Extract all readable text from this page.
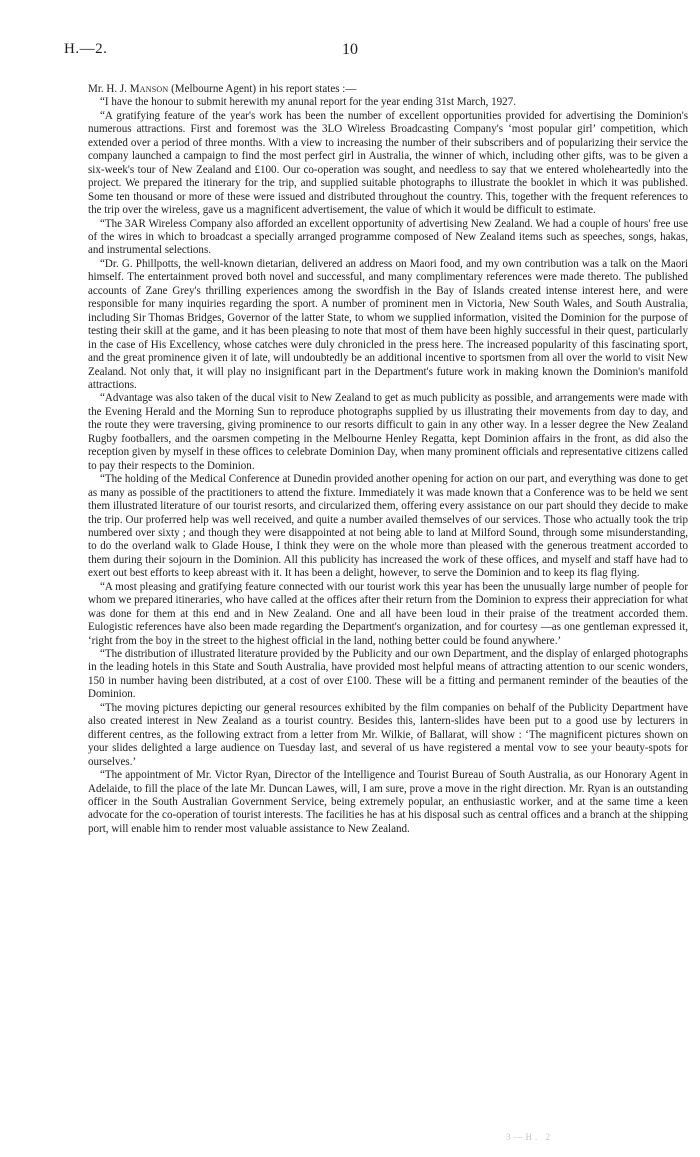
H.—2.	10

Mr. H. J. Manson (Melbourne Agent) in his report states :—

“I have the honour to submit herewith my anunal report for the year ending 31st March, 1927.

“A gratifying feature of the year's work has been the number of excellent opportunities provided for advertising the Dominion's numerous attractions. First and foremost was the 3LO Wireless Broadcasting Company's ‘most popular girl’ competition, which extended over a period of three months. With a view to increasing the number of their subscribers and of popularizing their service the company launched a campaign to find the most perfect girl in Australia, the winner of which, including other gifts, was to be given a six-week's tour of New Zealand and £100. Our co-operation was sought, and needless to say that we entered wholeheartedly into the project. We prepared the itinerary for the trip, and supplied suitable photographs to illustrate the booklet in which it was published. Some ten thousand or more of these were issued and distributed throughout the country. This, together with the frequent references to the trip over the wireless, gave us a magnificent advertisement, the value of which it would be difficult to estimate.

“The 3AR Wireless Company also afforded an excellent opportunity of advertising New Zealand. We had a couple of hours' free use of the wires in which to broadcast a specially arranged programme composed of New Zealand items such as speeches, songs, hakas, and instrumental selections.

“Dr. G. Phillpotts, the well-known dietarian, delivered an address on Maori food, and my own contribution was a talk on the Maori himself. The entertainment proved both novel and successful, and many complimentary references were made thereto. The published accounts of Zane Grey's thrilling experiences among the swordfish in the Bay of Islands created intense interest here, and were responsible for many inquiries regarding the sport. A number of prominent men in Victoria, New South Wales, and South Australia, including Sir Thomas Bridges, Governor of the latter State, to whom we supplied information, visited the Dominion for the purpose of testing their skill at the game, and it has been pleasing to note that most of them have been highly successful in their quest, particularly in the case of His Excellency, whose catches were duly chronicled in the press here. The increased popularity of this fascinating sport, and the great prominence given it of late, will undoubtedly be an additional incentive to sportsmen from all over the world to visit New Zealand. Not only that, it will play no insignificant part in the Department's future work in making known the Dominion's manifold attractions.

“Advantage was also taken of the ducal visit to New Zealand to get as much publicity as possible, and arrangements were made with the Evening Herald and the Morning Sun to reproduce photographs supplied by us illustrating their movements from day to day, and the route they were traversing, giving prominence to our resorts difficult to gain in any other way. In a lesser degree the New Zealand Rugby footballers, and the oarsmen competing in the Melbourne Henley Regatta, kept Dominion affairs in the front, as did also the reception given by myself in these offices to celebrate Dominion Day, when many prominent officials and representative citizens called to pay their respects to the Dominion.

“The holding of the Medical Conference at Dunedin provided another opening for action on our part, and everything was done to get as many as possible of the practitioners to attend the fixture. Immediately it was made known that a Conference was to be held we sent them illustrated literature of our tourist resorts, and circularized them, offering every assistance on our part should they decide to make the trip. Our proferred help was well received, and quite a number availed themselves of our services. Those who actually took the trip numbered over sixty ; and though they were disappointed at not being able to land at Milford Sound, through some misunderstanding, to do the overland walk to Glade House, I think they were on the whole more than pleased with the generous treatment accorded to them during their sojourn in the Dominion. All this publicity has increased the work of these offices, and myself and staff have had to exert out best efforts to keep abreast with it. It has been a delight, however, to serve the Dominion and to keep its flag flying.

“A most pleasing and gratifying feature connected with our tourist work this year has been the unusually large number of people for whom we prepared itineraries, who have called at the offices after their return from the Dominion to express their appreciation for what was done for them at this end and in New Zealand. One and all have been loud in their praise of the treatment accorded them. Eulogistic references have also been made regarding the Department's organization, and for courtesy —as one gentleman expressed it, ‘right from the boy in the street to the highest official in the land, nothing better could be found anywhere.’

“The distribution of illustrated literature provided by the Publicity and our own Department, and the display of enlarged photographs in the leading hotels in this State and South Australia, have provided most helpful means of attracting attention to our scenic wonders, 150 in number having been distributed, at a cost of over £100. These will be a fitting and permanent reminder of the beauties of the Dominion.

“The moving pictures depicting our general resources exhibited by the film companies on behalf of the Publicity Department have also created interest in New Zealand as a tourist country. Besides this, lantern-slides have been put to a good use by lecturers in different centres, as the following extract from a letter from Mr. Wilkie, of Ballarat, will show : ‘The magnificent pictures shown on your slides delighted a large audience on Tuesday last, and several of us have registered a mental vow to see your beauty-spots for ourselves.’

“The appointment of Mr. Victor Ryan, Director of the Intelligence and Tourist Bureau of South Australia, as our Honorary Agent in Adelaide, to fill the place of the late Mr. Duncan Lawes, will, I am sure, prove a move in the right direction. Mr. Ryan is an outstanding officer in the South Australian Government Service, being extremely popular, an enthusiastic worker, and at the same time a keen advocate for the co-operation of tourist interests. The facilities he has at his disposal such as central offices and a branch at the shipping port, will enable him to render most valuable assistance to New Zealand.

3—H. 2
